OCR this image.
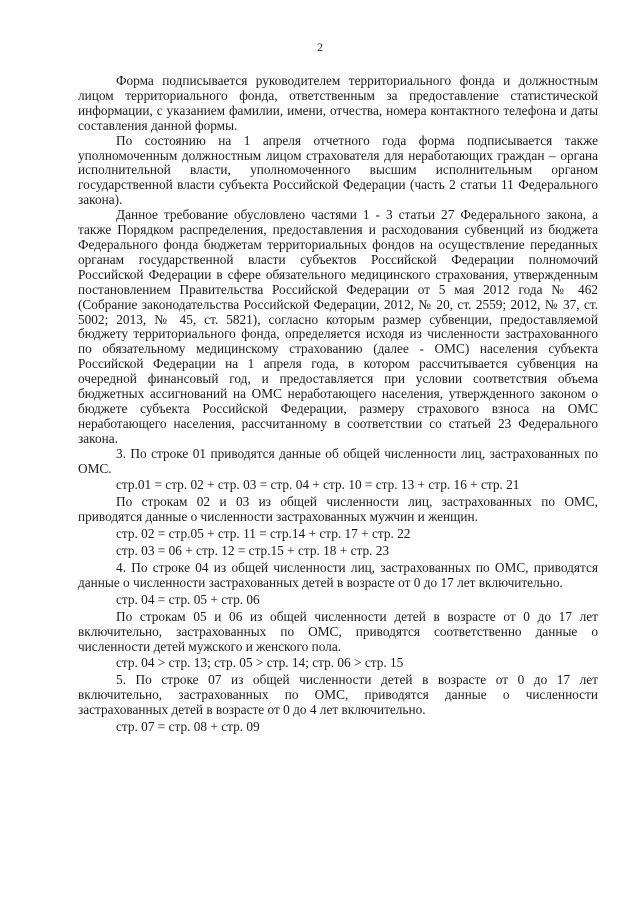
2

Форма подписывается руководителем территориального фонда и должностным лицом территориального фонда, ответственным за предоставление статистической информации, с указанием фамилии, имени, отчества, номера контактного телефона и даты составления данной формы.

По состоянию на 1 апреля отчетного года форма подписывается также уполномоченным должностным лицом страхователя для неработающих граждан – органа исполнительной власти, уполномоченного высшим исполнительным органом государственной власти субъекта Российской Федерации (часть 2 статьи 11 Федерального закона).

Данное требование обусловлено частями 1 - 3 статьи 27 Федерального закона, а также Порядком распределения, предоставления и расходования субвенций из бюджета Федерального фонда бюджетам территориальных фондов на осуществление переданных органам государственной власти субъектов Российской Федерации полномочий Российской Федерации в сфере обязательного медицинского страхования, утвержденным постановлением Правительства Российской Федерации от 5 мая 2012 года № 462 (Собрание законодательства Российской Федерации, 2012, № 20, ст. 2559; 2012, № 37, ст. 5002; 2013, № 45, ст. 5821), согласно которым размер субвенции, предоставляемой бюджету территориального фонда, определяется исходя из численности застрахованного по обязательному медицинскому страхованию (далее - ОМС) населения субъекта Российской Федерации на 1 апреля года, в котором рассчитывается субвенция на очередной финансовый год, и предоставляется при условии соответствия объема бюджетных ассигнований на ОМС неработающего населения, утвержденного законом о бюджете субъекта Российской Федерации, размеру страхового взноса на ОМС неработающего населения, рассчитанному в соответствии со статьей 23 Федерального закона.

3. По строке 01 приводятся данные об общей численности лиц, застрахованных по ОМС.

стр.01 = стр. 02 + стр. 03 = стр. 04 + стр. 10 = стр. 13 + стр. 16 + стр. 21

По строкам 02 и 03 из общей численности лиц, застрахованных по ОМС, приводятся данные о численности застрахованных мужчин и женщин.

стр. 02 = стр.05 + стр. 11 = стр.14 + стр. 17 + стр. 22

стр. 03 = 06 + стр. 12 = стр.15 + стр. 18 + стр. 23

4. По строке 04 из общей численности лиц, застрахованных по ОМС, приводятся данные о численности застрахованных детей в возрасте от 0 до 17 лет включительно.

стр. 04 = стр. 05 + стр. 06

По строкам 05 и 06 из общей численности детей в возрасте от 0 до 17 лет включительно, застрахованных по ОМС, приводятся соответственно данные о численности детей мужского и женского пола.

стр. 04 > стр. 13; стр. 05 > стр. 14; стр. 06 > стр. 15

5. По строке 07 из общей численности детей в возрасте от 0 до 17 лет включительно, застрахованных по ОМС, приводятся данные о численности застрахованных детей в возрасте от 0 до 4 лет включительно.

стр. 07 = стр. 08 + стр. 09
